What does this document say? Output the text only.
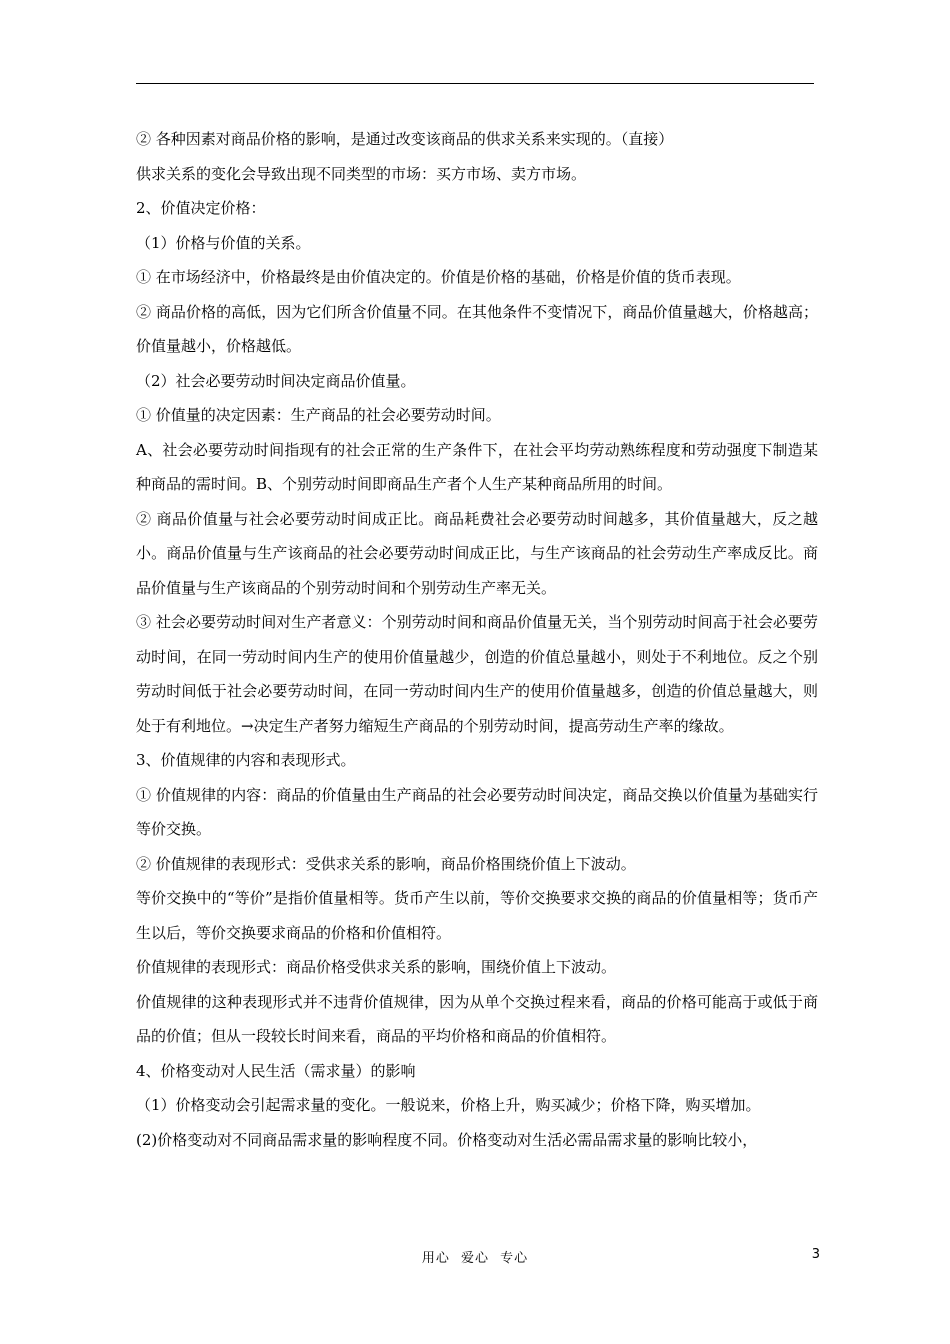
② 各种因素对商品价格的影响，是通过改变该商品的供求关系来实现的。（直接）

供求关系的变化会导致出现不同类型的市场：买方市场、卖方市场。

2、价值决定价格：

（1）价格与价值的关系。

① 在市场经济中，价格最终是由价值决定的。价值是价格的基础，价格是价值的货币表现。

② 商品价格的高低，因为它们所含价值量不同。在其他条件不变情况下，商品价值量越大，价格越高；价值量越小，价格越低。

（2）社会必要劳动时间决定商品价值量。

① 价值量的决定因素：生产商品的社会必要劳动时间。

A、社会必要劳动时间指现有的社会正常的生产条件下，在社会平均劳动熟练程度和劳动强度下制造某种商品的需时间。B、个别劳动时间即商品生产者个人生产某种商品所用的时间。

② 商品价值量与社会必要劳动时间成正比。商品耗费社会必要劳动时间越多，其价值量越大，反之越小。商品价值量与生产该商品的社会必要劳动时间成正比，与生产该商品的社会劳动生产率成反比。商品价值量与生产该商品的个别劳动时间和个别劳动生产率无关。

③ 社会必要劳动时间对生产者意义：个别劳动时间和商品价值量无关，当个别劳动时间高于社会必要劳动时间，在同一劳动时间内生产的使用价值量越少，创造的价值总量越小，则处于不利地位。反之个别劳动时间低于社会必要劳动时间，在同一劳动时间内生产的使用价值量越多，创造的价值总量越大，则处于有利地位。→决定生产者努力缩短生产商品的个别劳动时间，提高劳动生产率的缘故。

3、价值规律的内容和表现形式。

① 价值规律的内容：商品的价值量由生产商品的社会必要劳动时间决定，商品交换以价值量为基础实行等价交换。

② 价值规律的表现形式：受供求关系的影响，商品价格围绕价值上下波动。

等价交换中的“等价”是指价值量相等。货币产生以前，等价交换要求交换的商品的价值量相等；货币产生以后，等价交换要求商品的价格和价值相符。

价值规律的表现形式：商品价格受供求关系的影响，围绕价值上下波动。

价值规律的这种表现形式并不违背价值规律，因为从单个交换过程来看，商品的价格可能高于或低于商品的价值；但从一段较长时间来看，商品的平均价格和商品的价值相符。

4、价格变动对人民生活（需求量）的影响

（1）价格变动会引起需求量的变化。一般说来，价格上升，购买减少；价格下降，购买增加。

(2)价格变动对不同商品需求量的影响程度不同。价格变动对生活必需品需求量的影响比较小，

用心 爱心 专心	3
